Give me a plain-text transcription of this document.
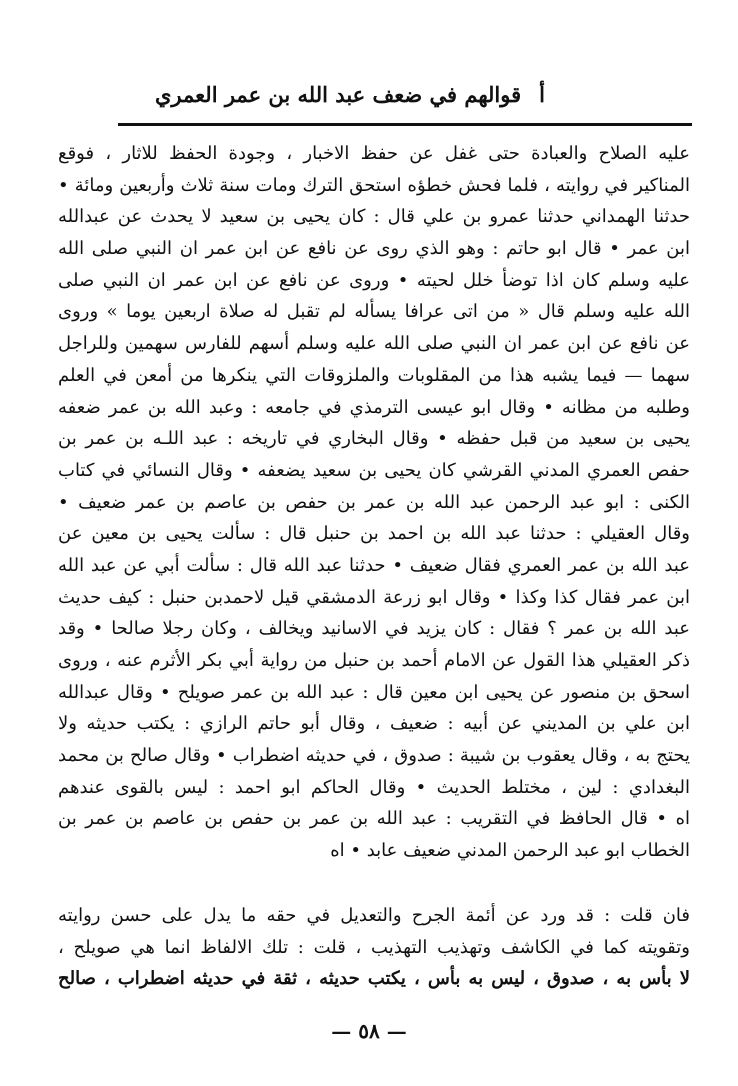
أ
قوالهم في ضعف عبد الله بن عمر العمري
عليه الصلاح والعبادة حتى غفل عن حفظ الاخبار ، وجودة الحفظ للاثار ، فوقع
المناكير في روايته ، فلما فحش خطؤه استحق الترك ومات سنة ثلاث وأربعين ومائة •
حدثنا الهمداني حدثنا عمرو بن علي قال : كان يحيى بن سعيد لا يحدث عن عبدالله
ابن عمر • قال ابو حاتم : وهو الذي روى عن نافع عن ابن عمر ان النبي صلى الله
عليه وسلم كان اذا توضأ خلل لحيته • وروى عن نافع عن ابن عمر ان النبي صلى
الله عليه وسلم قال « من اتى عرافا يسأله لم تقبل له صلاة اربعين يوما » وروى
عن نافع عن ابن عمر ان النبي صلى الله عليه وسلم أسهم للفارس سهمين وللراجل
سهما — فيما يشبه هذا من المقلوبات والملزوقات التي ينكرها من أمعن في العلم
وطلبه من مظانه • وقال ابو عيسى الترمذي في جامعه : وعبد الله بن عمر ضعفه
يحيى بن سعيد من قبل حفظه • وقال البخاري في تاريخه : عبد اللـه بن عمر بن
حفص العمري المدني القرشي كان يحيى بن سعيد يضعفه • وقال النسائي في كتاب
الكنى : ابو عبد الرحمن عبد الله بن عمر بن حفص بن عاصم بن عمر ضعيف •
وقال العقيلي : حدثنا عبد الله بن احمد بن حنبل قال : سألت يحيى بن معين عن
عبد الله بن عمر العمري فقال ضعيف • حدثنا عبد الله قال : سألت أبي عن عبد الله
ابن عمر فقال كذا وكذا • وقال ابو زرعة الدمشقي قيل لاحمدبن حنبل : كيف حديث
عبد الله بن عمر ؟ فقال : كان يزيد في الاسانيد ويخالف ، وكان رجلا صالحا • وقد
ذكر العقيلي هذا القول عن الامام أحمد بن حنبل من رواية أبي بكر الأثرم عنه ، وروى
اسحق بن منصور عن يحيى ابن معين قال : عبد الله بن عمر صويلح • وقال عبدالله
ابن علي بن المديني عن أبيه : ضعيف ، وقال أبو حاتم الرازي : يكتب حديثه ولا
يحتج به ، وقال يعقوب بن شيبة : صدوق ، في حديثه اضطراب • وقال صالح بن محمد
البغدادي : لين ، مختلط الحديث • وقال الحاكم ابو احمد : ليس بالقوى عندهم
اه • قال الحافظ في التقريب : عبد الله بن عمر بن حفص بن عاصم بن عمر بن
الخطاب ابو عبد الرحمن المدني ضعيف عابد • اه
فان قلت : قد ورد عن أئمة الجرح والتعديل في حقه ما يدل على حسن روايته
وتقويته كما في الكاشف وتهذيب التهذيب ، قلت : تلك الالفاظ انما هي صويلح ،
لا بأس به ، صدوق ، ليس به بأس ، يكتب حديثه ، ثقة في حديثه اضطراب ، صالح
— ٥٨ —
